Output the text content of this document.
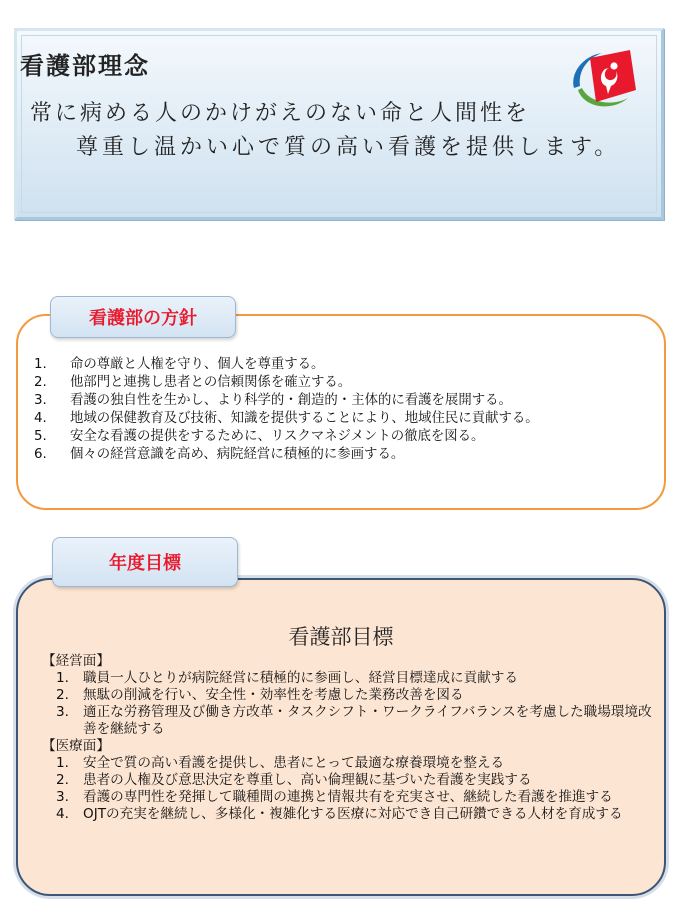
看護部理念
常に病める人のかけがえのない命と人間性を
尊重し温かい心で質の高い看護を提供します。
看護部の方針
1.	命の尊厳と人権を守り、個人を尊重する。
2.	他部門と連携し患者との信頼関係を確立する。
3.	看護の独自性を生かし、より科学的・創造的・主体的に看護を展開する。
4.	地域の保健教育及び技術、知識を提供することにより、地域住民に貢献する。
5.	安全な看護の提供をするために、リスクマネジメントの徹底を図る。
6.	個々の経営意識を高め、病院経営に積極的に参画する。
年度目標
看護部目標
【経営面】
1.	職員一人ひとりが病院経営に積極的に参画し、経営目標達成に貢献する
2.	無駄の削減を行い、安全性・効率性を考慮した業務改善を図る
3.	適正な労務管理及び働き方改革・タスクシフト・ワークライフバランスを考慮した職場環境改善を継続する
【医療面】
1.	安全で質の高い看護を提供し、患者にとって最適な療養環境を整える
2.	患者の人権及び意思決定を尊重し、高い倫理観に基づいた看護を実践する
3.	看護の専門性を発揮して職種間の連携と情報共有を充実させ、継続した看護を推進する
4.	OJTの充実を継続し、多様化・複雑化する医療に対応でき自己研鑽できる人材を育成する
